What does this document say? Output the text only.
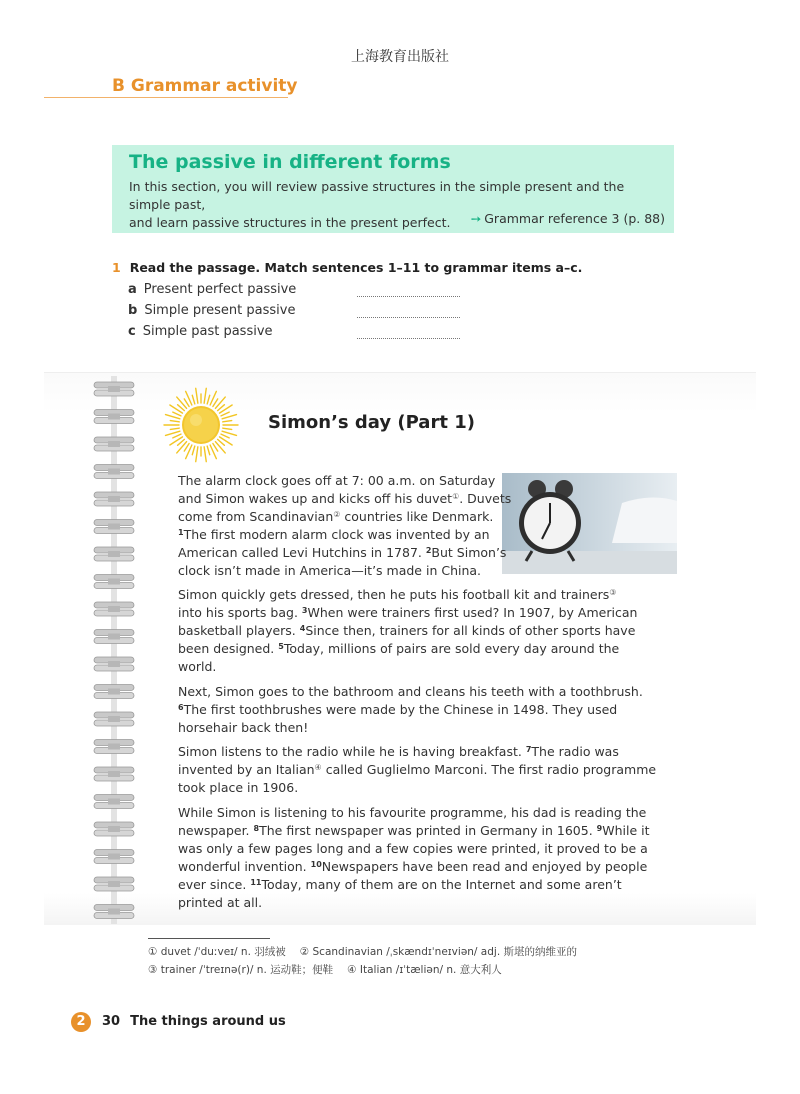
上海教育出版社
B Grammar activity
The passive in different forms
In this section, you will review passive structures in the simple present and the simple past,
and learn passive structures in the present perfect.	➙ Grammar reference 3 (p. 88)
1 Read the passage. Match sentences 1–11 to grammar items a–c.
a Present perfect passive
b Simple present passive
c Simple past passive
Simon’s day (Part 1)
The alarm clock goes off at 7: 00 a.m. on Saturday
and Simon wakes up and kicks off his duvet①. Duvets
come from Scandinavian② countries like Denmark.
$^1$The first modern alarm clock was invented by an
American called Levi Hutchins in 1787. $^2$But Simon’s
clock isn’t made in America—it’s made in China.
Simon quickly gets dressed, then he puts his football kit and trainers③
into his sports bag. $^3$When were trainers first used? In 1907, by American
basketball players. $^4$Since then, trainers for all kinds of other sports have
been designed. $^5$Today, millions of pairs are sold every day around the
world.
Next, Simon goes to the bathroom and cleans his teeth with a toothbrush.
$^6$The first toothbrushes were made by the Chinese in 1498. They used
horsehair back then!
Simon listens to the radio while he is having breakfast. $^7$The radio was
invented by an Italian④ called Guglielmo Marconi. The first radio programme
took place in 1906.
While Simon is listening to his favourite programme, his dad is reading the
newspaper. $^8$The first newspaper was printed in Germany in 1605. $^9$While it
was only a few pages long and a few copies were printed, it proved to be a
wonderful invention. $^{10}$Newspapers have been read and enjoyed by people
ever since. $^{11}$Today, many of them are on the Internet and some aren’t
printed at all.
① duvet /ˈduːveɪ/ n. 羽绒被 ② Scandinavian /ˌskændɪˈneɪviən/ adj. 斯堪的纳维亚的
③ trainer /ˈtreɪnə(r)/ n. 运动鞋；便鞋 ④ Italian /ɪˈtæliən/ n. 意大利人
2	30 The things around us
